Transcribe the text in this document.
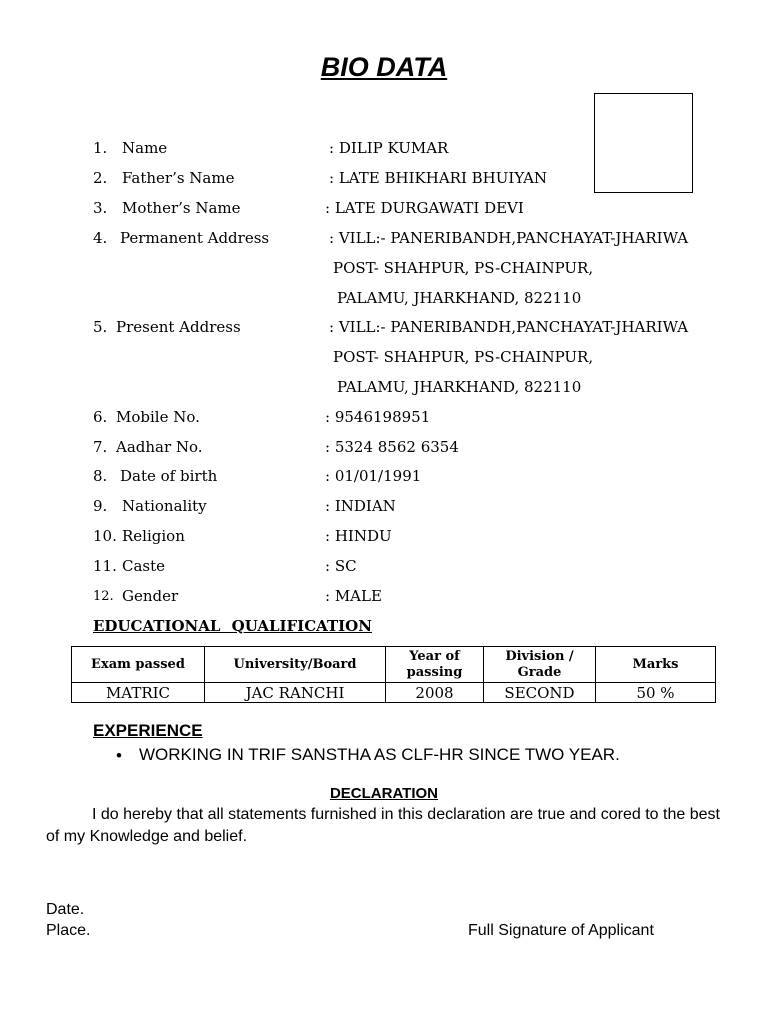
BIO DATA
1. Name	: DILIP KUMAR
2. Father’s Name	: LATE BHIKHARI BHUIYAN
3. Mother’s Name	: LATE DURGAWATI DEVI
4. Permanent Address	: VILL:- PANERIBANDH,PANCHAYAT-JHARIWA
POST- SHAHPUR, PS-CHAINPUR,
PALAMU, JHARKHAND, 822110
5. Present Address	: VILL:- PANERIBANDH,PANCHAYAT-JHARIWA
POST- SHAHPUR, PS-CHAINPUR,
PALAMU, JHARKHAND, 822110
6. Mobile No.	: 9546198951
7. Aadhar No.	: 5324 8562 6354
8. Date of birth	: 01/01/1991
9. Nationality	: INDIAN
10. Religion	: HINDU
11. Caste	: SC
12. Gender	: MALE
EDUCATIONAL QUALIFICATION
Exam passed	University/Board	Year of passing	Division / Grade	Marks
MATRIC	JAC RANCHI	2008	SECOND	50 %
EXPERIENCE
• WORKING IN TRIF SANSTHA AS CLF-HR SINCE TWO YEAR.
DECLARATION
I do hereby that all statements furnished in this declaration are true and cored to the best of my Knowledge and belief.
Date.
Place.	Full Signature of Applicant
